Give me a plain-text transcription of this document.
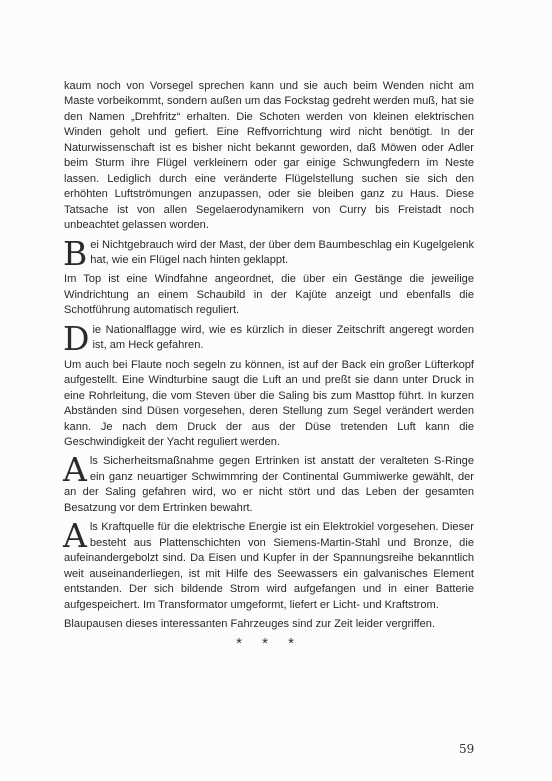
kaum noch von Vorsegel sprechen kann und sie auch beim Wenden nicht am Maste vorbeikommt, sondern außen um das Fockstag gedreht werden muß, hat sie den Namen „Drehfritz“ erhalten. Die Schoten werden von kleinen elektrischen Winden geholt und gefiert. Eine Reffvorrichtung wird nicht benötigt. In der Naturwissenschaft ist es bisher nicht bekannt geworden, daß Möwen oder Adler beim Sturm ihre Flügel verkleinern oder gar einige Schwungfedern im Neste lassen. Lediglich durch eine veränderte Flügelstellung suchen sie sich den erhöhten Luftströmungen anzupassen, oder sie bleiben ganz zu Haus. Diese Tatsache ist von allen Segelaerodynamikern von Curry bis Freistadt noch unbeachtet gelassen worden.

Bei Nichtgebrauch wird der Mast, der über dem Baumbeschlag ein Kugelgelenk hat, wie ein Flügel nach hinten geklappt.

Im Top ist eine Windfahne angeordnet, die über ein Gestänge die jeweilige Windrichtung an einem Schaubild in der Kajüte anzeigt und ebenfalls die Schotführung automatisch reguliert.

Die Nationalflagge wird, wie es kürzlich in dieser Zeitschrift angeregt worden ist, am Heck gefahren.

Um auch bei Flaute noch segeln zu können, ist auf der Back ein großer Lüfterkopf aufgestellt. Eine Windturbine saugt die Luft an und preßt sie dann unter Druck in eine Rohrleitung, die vom Steven über die Saling bis zum Masttop führt. In kurzen Abständen sind Düsen vorgesehen, deren Stellung zum Segel verändert werden kann. Je nach dem Druck der aus der Düse tretenden Luft kann die Geschwindigkeit der Yacht reguliert werden.

Als Sicherheitsmaßnahme gegen Ertrinken ist anstatt der veralteten S-Ringe ein ganz neuartiger Schwimmring der Continental Gummiwerke gewählt, der an der Saling gefahren wird, wo er nicht stört und das Leben der gesamten Besatzung vor dem Ertrinken bewahrt.

Als Kraftquelle für die elektrische Energie ist ein Elektrokiel vorgesehen. Dieser besteht aus Plattenschichten von Siemens-Martin-Stahl und Bronze, die aufeinandergebolzt sind. Da Eisen und Kupfer in der Spannungsreihe bekanntlich weit auseinanderliegen, ist mit Hilfe des Seewassers ein galvanisches Element entstanden. Der sich bildende Strom wird aufgefangen und in einer Batterie aufgespeichert. Im Transformator umgeformt, liefert er Licht- und Kraftstrom.

Blaupausen dieses interessanten Fahrzeuges sind zur Zeit leider vergriffen.

* * *
59
